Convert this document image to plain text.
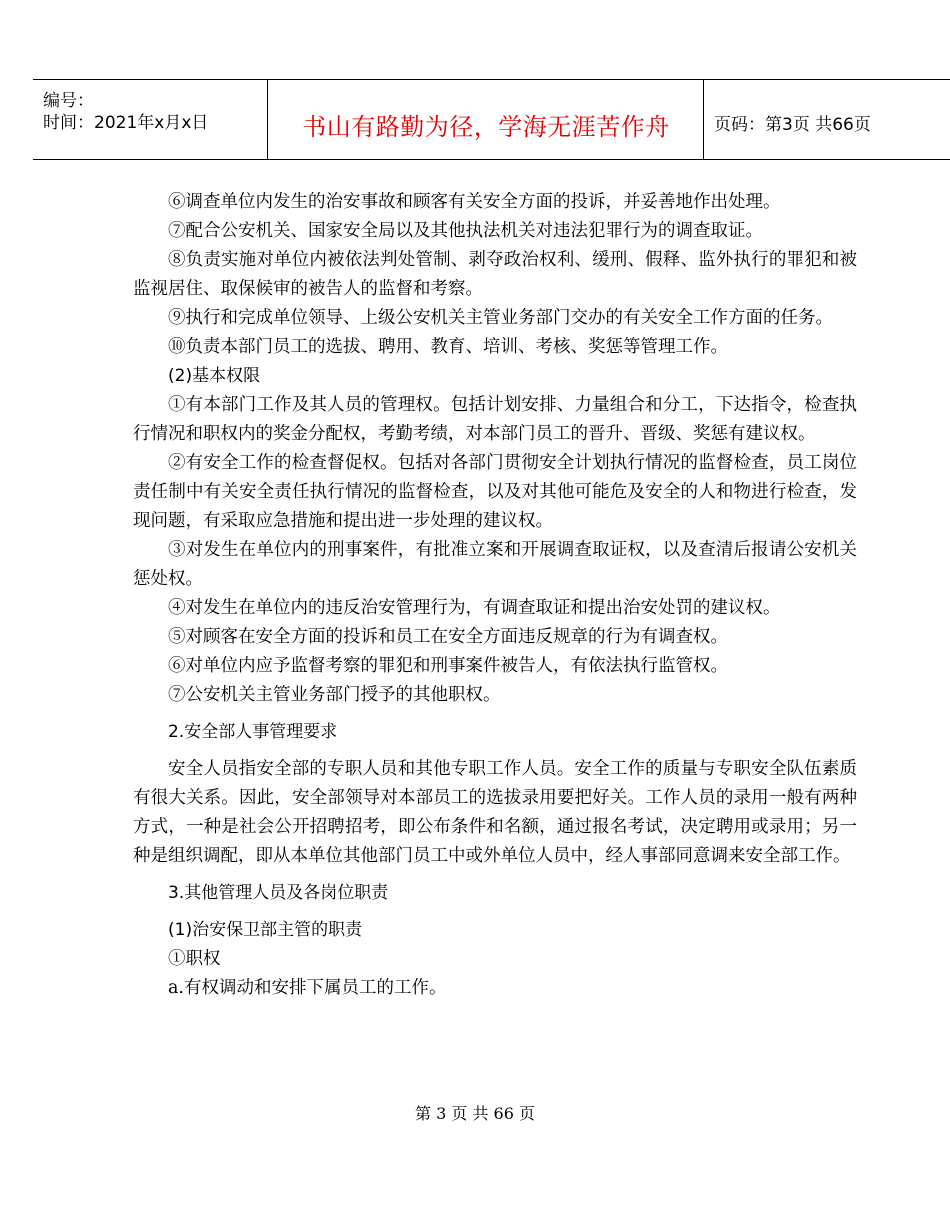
编号：
时间：2021年x月x日	书山有路勤为径，学海无涯苦作舟	页码：第3页 共66页

⑥调查单位内发生的治安事故和顾客有关安全方面的投诉，并妥善地作出处理。

⑦配合公安机关、国家安全局以及其他执法机关对违法犯罪行为的调查取证。

⑧负责实施对单位内被依法判处管制、剥夺政治权利、缓刑、假释、监外执行的罪犯和被监视居住、取保候审的被告人的监督和考察。

⑨执行和完成单位领导、上级公安机关主管业务部门交办的有关安全工作方面的任务。

⑩负责本部门员工的选拔、聘用、教育、培训、考核、奖惩等管理工作。

(2)基本权限

①有本部门工作及其人员的管理权。包括计划安排、力量组合和分工，下达指令，检查执行情况和职权内的奖金分配权，考勤考绩，对本部门员工的晋升、晋级、奖惩有建议权。

②有安全工作的检查督促权。包括对各部门贯彻安全计划执行情况的监督检查，员工岗位责任制中有关安全责任执行情况的监督检查，以及对其他可能危及安全的人和物进行检查，发现问题，有采取应急措施和提出进一步处理的建议权。

③对发生在单位内的刑事案件，有批准立案和开展调查取证权，以及查清后报请公安机关惩处权。

④对发生在单位内的违反治安管理行为，有调查取证和提出治安处罚的建议权。

⑤对顾客在安全方面的投诉和员工在安全方面违反规章的行为有调查权。

⑥对单位内应予监督考察的罪犯和刑事案件被告人，有依法执行监管权。

⑦公安机关主管业务部门授予的其他职权。

2.安全部人事管理要求

安全人员指安全部的专职人员和其他专职工作人员。安全工作的质量与专职安全队伍素质有很大关系。因此，安全部领导对本部员工的选拔录用要把好关。工作人员的录用一般有两种方式，一种是社会公开招聘招考，即公布条件和名额，通过报名考试，决定聘用或录用；另一种是组织调配，即从本单位其他部门员工中或外单位人员中，经人事部同意调来安全部工作。

3.其他管理人员及各岗位职责

(1)治安保卫部主管的职责

①职权

a.有权调动和安排下属员工的工作。

第 3 页 共 66 页
